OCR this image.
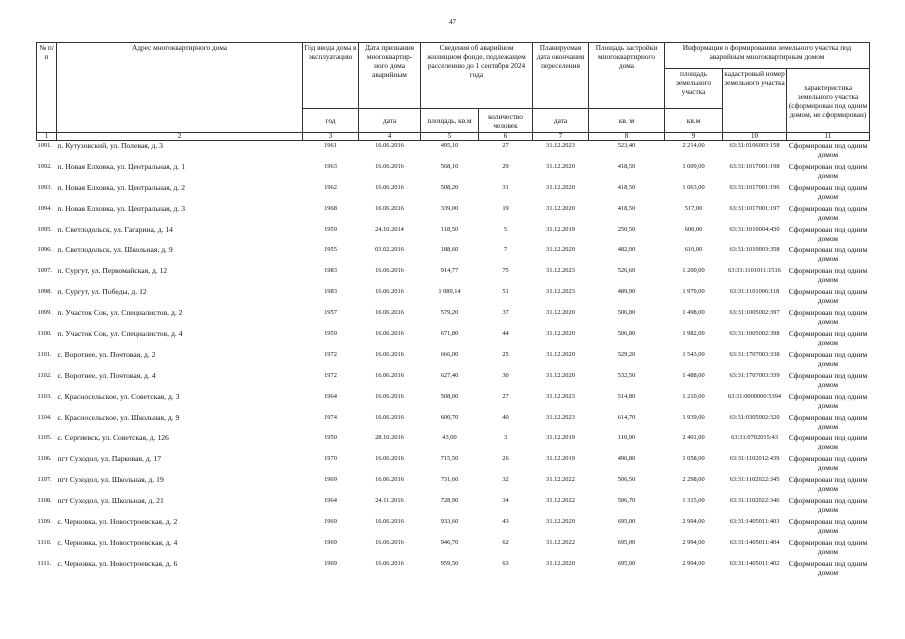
47
№ п/п	Адрес многоквартирного дома	Год ввода дома в эксплуатацию	Дата признания многоквартир-ного дома аварийным	Сведения об аварийном жилищном фонде, подлежащем расселению до 1 сентября 2024 года		Планируемая дата окончания переселения	Площадь застройки многоквартирного дома	Информация о формировании земельного участка под аварийным многоквартирным домом		
								площадь земельного участка	кадастровый номер земельного участка	характеристика земельного участка (сформирован под одним домом, не сформирован)
		год	дата	площадь, кв.м	количество человек	дата	кв. м	кв.м		
1	2	3	4	5	6	7	8	9	10	11
1091.	п. Кутузовский, ул. Полевая, д. 3	1961	16.06.2016	495,10	27	31.12.2023	523,40	2 214,00	63:31:0106003:158	Сформирован под одним домом
1092.	п. Новая Елховка, ул. Центральная, д. 1	1963	16.06.2016	568,10	29	31.12.2020	418,50	1 009,00	63:31:1017001:198	Сформирован под одним домом
1093.	п. Новая Елховка, ул. Центральная, д. 2	1962	16.06.2016	508,20	31	31.12.2020	418,50	1 063,00	63:31:1017001:196	Сформирован под одним домом
1094.	п. Новая Елховка, ул. Центральная, д. 3	1968	16.06.2016	339,00	19	31.12.2020	418,50	517,00	63:31:1017001:197	Сформирован под одним домом
1095.	п. Светлодольск, ул. Гагарина, д. 14	1959	24.10.2014	118,50	5	31.12.2019	250,50	600,00	63:31:1010004:430	Сформирован под одним домом
1096.	п. Светлодольск, ул. Школьная, д. 9	1955	03.02.2016	188,60	7	31.12.2020	482,00	610,00	63:31:1010003:358	Сформирован под одним домом
1097.	п. Сургут, ул. Первомайская, д. 12	1983	16.06.2016	914,77	75	31.12.2023	526,60	1 200,00	63:31:1101011:1516	Сформирован под одним домом
1098.	п. Сургут, ул. Победы, д. 12	1983	16.06.2016	1 089,14	51	31.12.2023	489,90	1 979,00	63:31:1101006:118	Сформирован под одним домом
1099.	п. Участок Сок, ул. Специалистов, д. 2	1957	16.06.2016	579,20	37	31.12.2020	506,80	1 498,00	63:31:1005002:397	Сформирован под одним домом
1100.	п. Участок Сок, ул. Специалистов, д. 4	1959	16.06.2016	671,80	44	31.12.2020	506,80	1 982,00	63:31:1005002:398	Сформирован под одним домом
1101.	с. Воротнее, ул. Почтовая, д. 2	1972	16.06.2016	666,00	25	31.12.2020	529,20	1 543,00	63:31:1707003:338	Сформирован под одним домом
1102.	с. Воротнее, ул. Почтовая, д. 4	1972	16.06.2016	627,40	30	31.12.2020	532,50	1 488,00	63:31:1707003:339	Сформирован под одним домом
1103.	с. Красносельское, ул. Советская, д. 3	1964	16.06.2016	508,00	27	31.12.2023	514,80	1 210,00	63:31:0000000:5394	Сформирован под одним домом
1104.	с. Красносельское, ул. Школьная, д. 9	1974	16.06.2016	600,70	40	31.12.2023	614,70	1 939,00	63:31:0305002:320	Сформирован под одним домом
1105.	с. Сергиевск, ул. Советская, д. 126	1950	28.10.2016	43,00	3	31.12.2019	110,90	2 401,00	63:31:0702015:43	Сформирован под одним домом
1106.	пгт Суходол, ул. Парковая, д. 17	1970	16.06.2016	715,50	26	31.12.2019	496,80	1 058,00	63:31:1102012:439	Сформирован под одним домом
1107.	пгт Суходол, ул. Школьная, д. 19	1969	16.06.2016	731,60	32	31.12.2022	506,50	2 298,00	63:31:1102022:345	Сформирован под одним домом
1108.	пгт Суходол, ул. Школьная, д. 21	1964	24.11.2016	728,90	34	31.12.2022	506,70	1 315,00	63:31:1102022:346	Сформирован под одним домом
1109.	с. Черновка, ул. Новостроевская, д. 2	1969	16.06.2016	933,60	43	31.12.2020	695,00	2 994,00	63:31:1405011:403	Сформирован под одним домом
1110.	с. Черновка, ул. Новостроевская, д. 4	1969	16.06.2016	946,70	62	31.12.2022	695,00	2 994,00	63:31:1405011:404	Сформирован под одним домом
1111.	с. Черновка, ул. Новостроевская, д. 6	1969	16.06.2016	959,50	63	31.12.2020	695,00	2 994,00	63:31:1405011:402	Сформирован под одним домом
